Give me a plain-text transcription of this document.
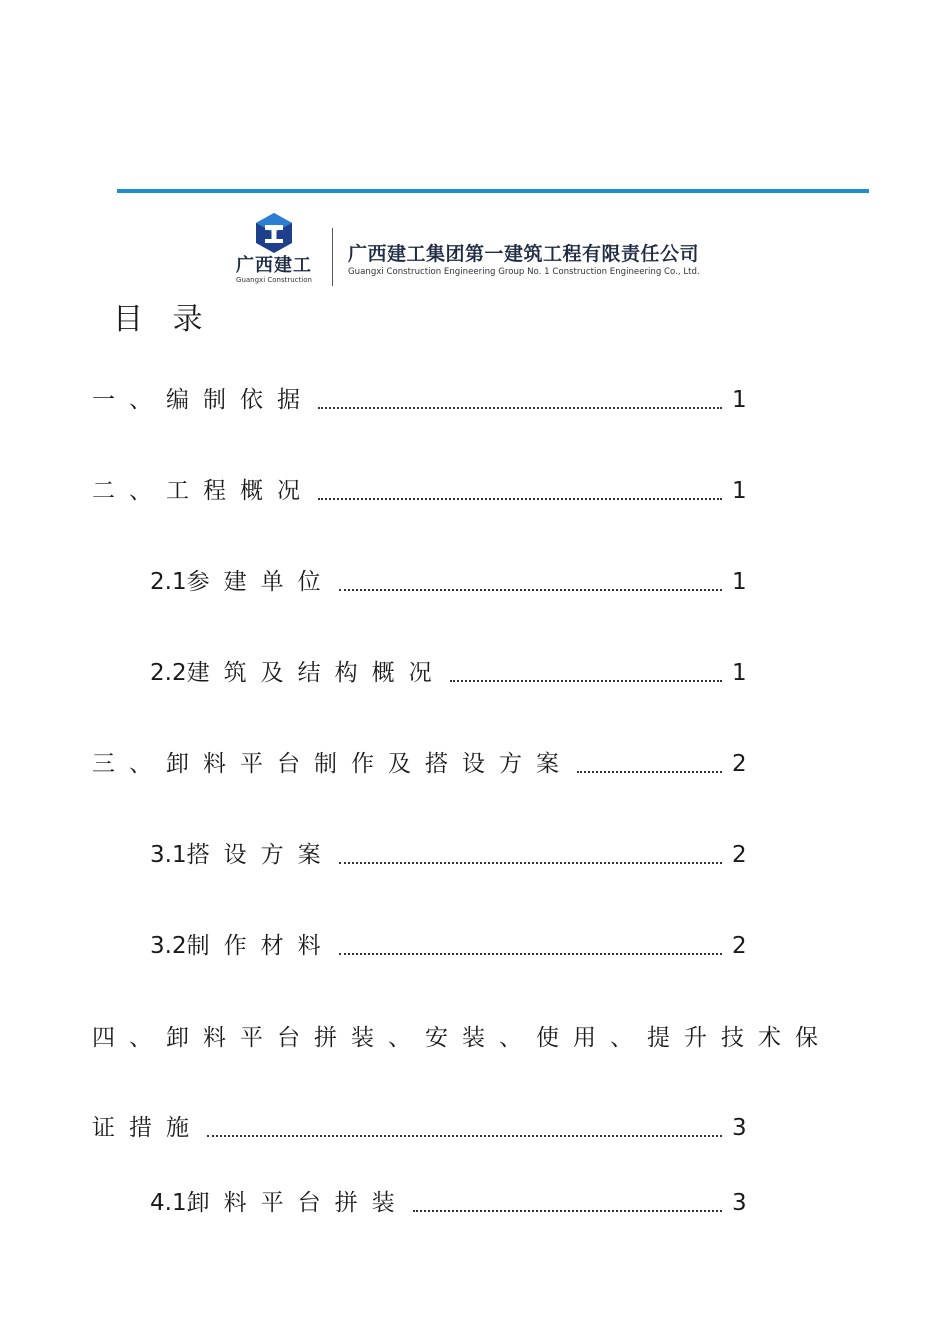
广西建工
Guangxi Construction
广西建工集团第一建筑工程有限责任公司
Guangxi Construction Engineering Group No. 1 Construction Engineering Co., Ltd.
目 录
一、编制依据	1
二、工程概况	1
2.1 参建单位	1
2.2 建筑及结构概况	1
三、卸料平台制作及搭设方案	2
3.1 搭设方案	2
3.2 制作材料	2
四、卸料平台拼装、安装、使用、提升技术保
证措施	3
4.1 卸料平台拼装	3
